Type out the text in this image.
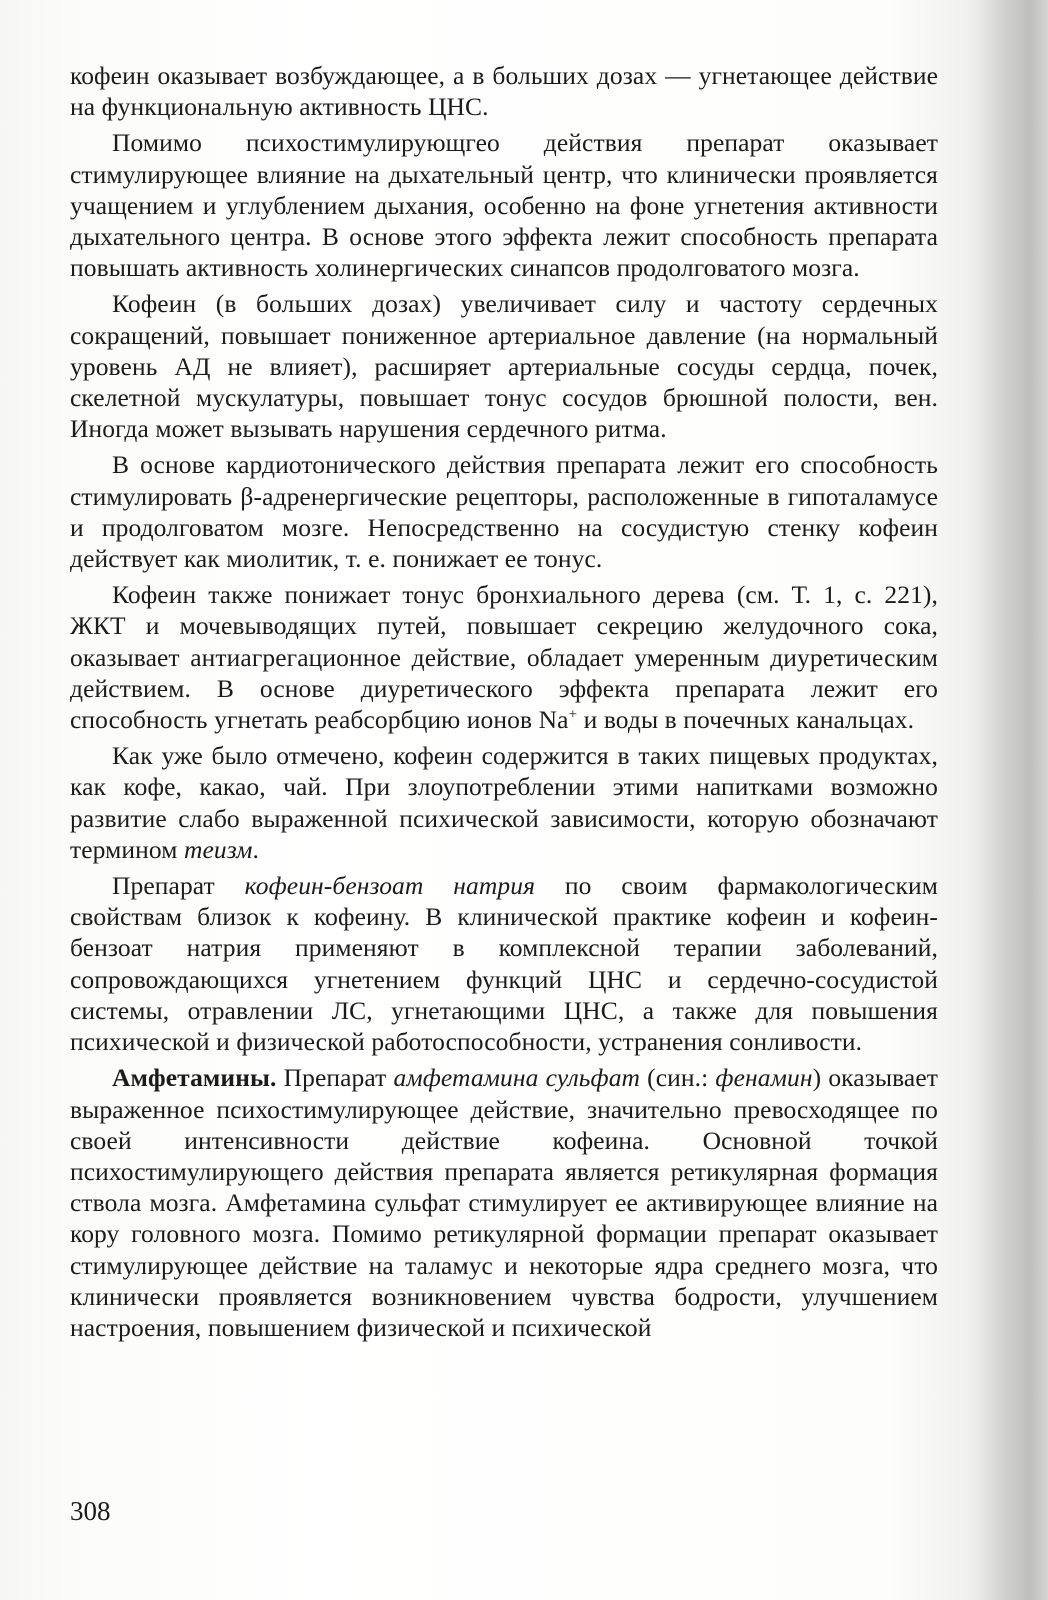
кофеин оказывает возбуждающее, а в больших дозах — угнетающее действие на функциональную активность ЦНС.

Помимо психостимулирующгео действия препарат оказывает стимулирующее влияние на дыхательный центр, что клинически проявляется учащением и углублением дыхания, особенно на фоне угнетения активности дыхательного центра. В основе этого эффекта лежит способность препарата повышать активность холинергических синапсов продолговатого мозга.

Кофеин (в больших дозах) увеличивает силу и частоту сердечных сокращений, повышает пониженное артериальное давление (на нормальный уровень АД не влияет), расширяет артериальные сосуды сердца, почек, скелетной мускулатуры, повышает тонус сосудов брюшной полости, вен. Иногда может вызывать нарушения сердечного ритма.

В основе кардиотонического действия препарата лежит его способность стимулировать β-адренергические рецепторы, расположенные в гипоталамусе и продолговатом мозге. Непосредственно на сосудистую стенку кофеин действует как миолитик, т. е. понижает ее тонус.

Кофеин также понижает тонус бронхиального дерева (см. Т. 1, с. 221), ЖКТ и мочевыводящих путей, повышает секрецию желудочного сока, оказывает антиагрегационное действие, обладает умеренным диуретическим действием. В основе диуретического эффекта препарата лежит его способность угнетать реабсорбцию ионов Na+ и воды в почечных канальцах.

Как уже было отмечено, кофеин содержится в таких пищевых продуктах, как кофе, какао, чай. При злоупотреблении этими напитками возможно развитие слабо выраженной психической зависимости, которую обозначают термином теизм.

Препарат кофеин-бензоат натрия по своим фармакологическим свойствам близок к кофеину. В клинической практике кофеин и кофеин-бензоат натрия применяют в комплексной терапии заболеваний, сопровождающихся угнетением функций ЦНС и сердечно-сосудистой системы, отравлении ЛС, угнетающими ЦНС, а также для повышения психической и физической работоспособности, устранения сонливости.

Амфетамины. Препарат амфетамина сульфат (син.: фенамин) оказывает выраженное психостимулирующее действие, значительно превосходящее по своей интенсивности действие кофеина. Основной точкой психостимулирующего действия препарата является ретикулярная формация ствола мозга. Амфетамина сульфат стимулирует ее активирующее влияние на кору головного мозга. Помимо ретикулярной формации препарат оказывает стимулирующее действие на таламус и некоторые ядра среднего мозга, что клинически проявляется возникновением чувства бодрости, улучшением настроения, повышением физической и психической

308
